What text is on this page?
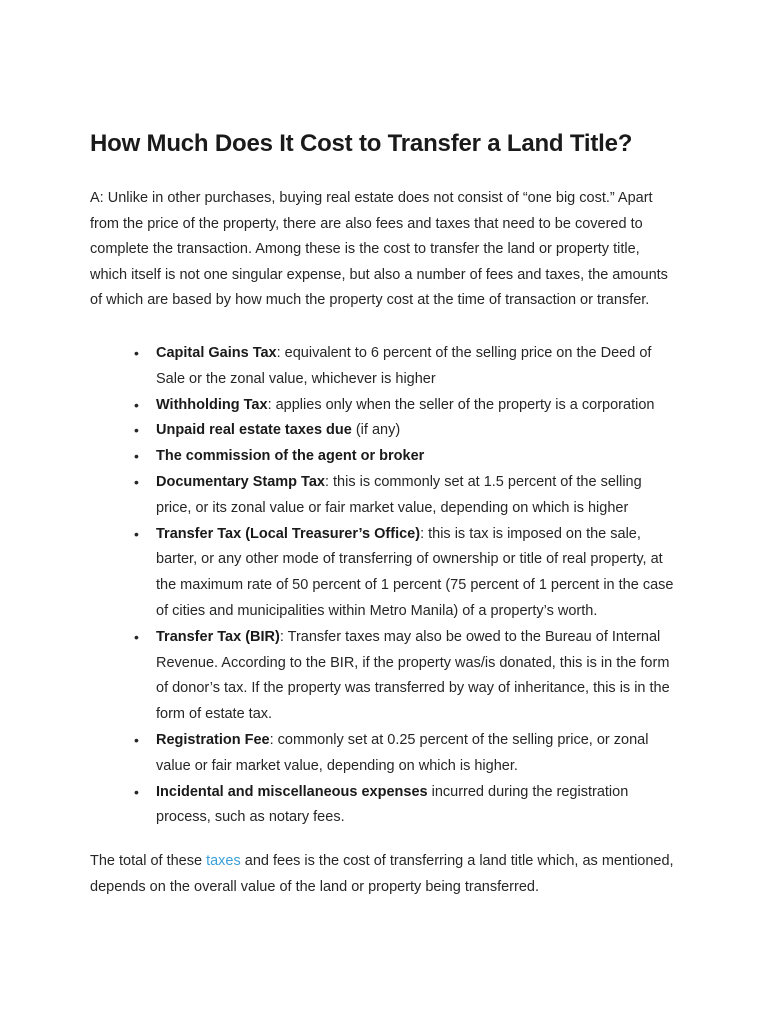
How Much Does It Cost to Transfer a Land Title?

A: Unlike in other purchases, buying real estate does not consist of “one big cost.” Apart from the price of the property, there are also fees and taxes that need to be covered to complete the transaction. Among these is the cost to transfer the land or property title, which itself is not one singular expense, but also a number of fees and taxes, the amounts of which are based by how much the property cost at the time of transaction or transfer.

•	Capital Gains Tax: equivalent to 6 percent of the selling price on the Deed of Sale or the zonal value, whichever is higher
•	Withholding Tax: applies only when the seller of the property is a corporation
•	Unpaid real estate taxes due (if any)
•	The commission of the agent or broker
•	Documentary Stamp Tax: this is commonly set at 1.5 percent of the selling price, or its zonal value or fair market value, depending on which is higher
•	Transfer Tax (Local Treasurer’s Office): this is tax is imposed on the sale, barter, or any other mode of transferring of ownership or title of real property, at the maximum rate of 50 percent of 1 percent (75 percent of 1 percent in the case of cities and municipalities within Metro Manila) of a property’s worth.
•	Transfer Tax (BIR): Transfer taxes may also be owed to the Bureau of Internal Revenue. According to the BIR, if the property was/is donated, this is in the form of donor’s tax. If the property was transferred by way of inheritance, this is in the form of estate tax.
•	Registration Fee: commonly set at 0.25 percent of the selling price, or zonal value or fair market value, depending on which is higher.
•	Incidental and miscellaneous expenses incurred during the registration process, such as notary fees.

The total of these taxes and fees is the cost of transferring a land title which, as mentioned, depends on the overall value of the land or property being transferred.
